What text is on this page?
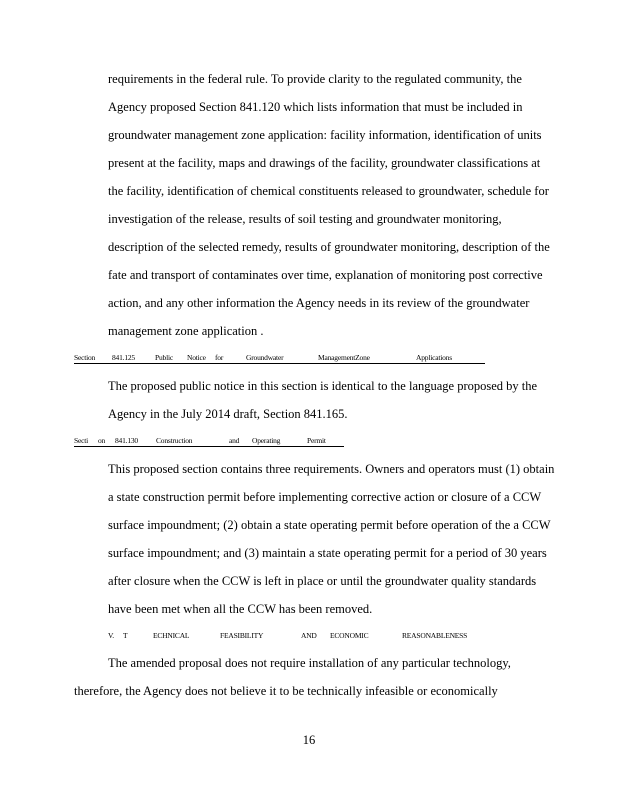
requirements in the federal rule. To provide clarity to the regulated community, the
Agency proposed Section 841.120 which lists information that must be included in
groundwater management zone application: facility information, identification of units
present at the facility, maps and drawings of the facility, groundwater classifications at
the facility, identification of chemical constituents released to groundwater, schedule for
investigation of the release, results of soil testing and groundwater monitoring,
description of the selected remedy, results of groundwater monitoring, description of the
fate and transport of contaminates over time, explanation of monitoring post corrective
action, and any other information the Agency needs in its review of the groundwater
management zone application .
Section 841.125	Public Notice for	Groundwater	ManagementZone	Applications
The proposed public notice in this section is identical to the language proposed by the
Agency in the July 2014 draft, Section 841.165.
Secti on 841.130 Construction	and Operating	Permit
This proposed section contains three requirements. Owners and operators must (1) obtain
a state construction permit before implementing corrective action or closure of a CCW
surface impoundment; (2) obtain a state operating permit before operation of the a CCW
surface impoundment; and (3) maintain a state operating permit for a period of 30 years
after closure when the CCW is left in place or until the groundwater quality standards
have been met when all the CCW has been removed.
V. T	ECHNICAL	FEASIBILITY	AND ECONOMIC	REASONABLENESS
The amended proposal does not require installation of any particular technology,
therefore, the Agency does not believe it to be technically infeasible or economically
16
